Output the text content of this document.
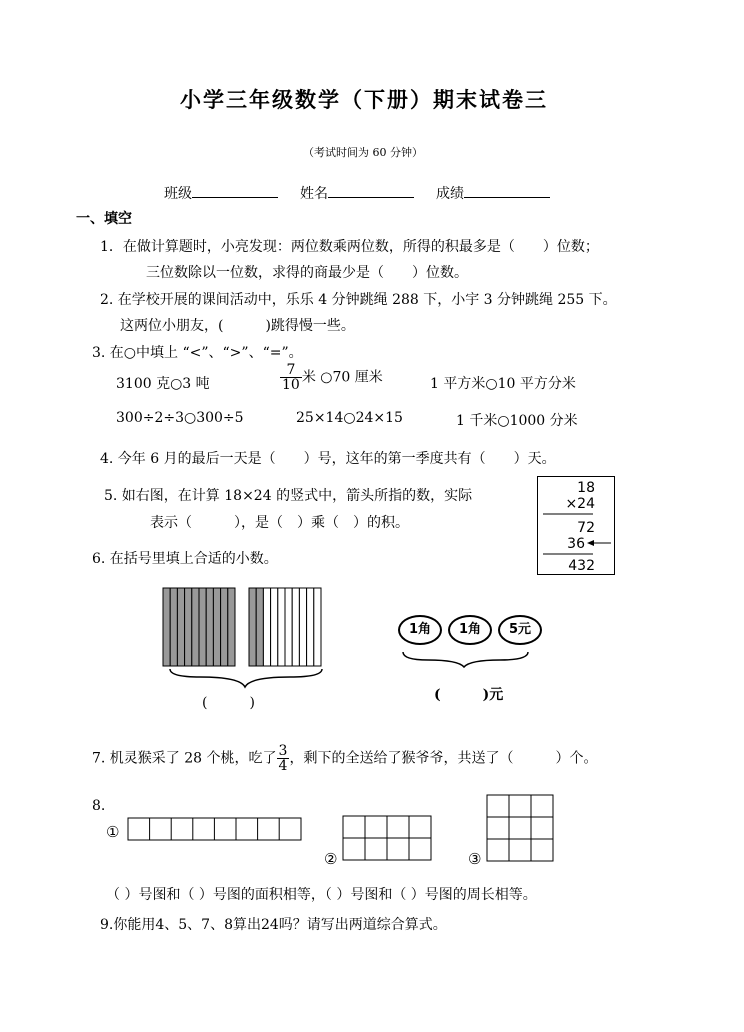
小学三年级数学（下册）期末试卷三
（考试时间为 60 分钟）
班级	姓名	成绩
一、填空
1．在做计算题时，小亮发现：两位数乘两位数，所得的积最多是（　　）位数；
三位数除以一位数，求得的商最少是（　　）位数。
2. 在学校开展的课间活动中，乐乐 4 分钟跳绳 288 下，小宇 3 分钟跳绳 255 下。
这两位小朋友，(　　　)跳得慢一些。
3. 在○中填上 “<”、“>”、“=”。
3100 克○3 吨	$\frac{7}{10}$ 米 ○70 厘米	1 平方米○10 平方分米
300÷2÷3○300÷5	25×14○24×15	1 千米○1000 分米
4. 今年 6 月的最后一天是（　　）号，这年的第一季度共有（　　）天。
5. 如右图，在计算 18×24 的竖式中，箭头所指的数，实际
表示（　　　），是（　）乘（　）的积。
18
×24
72
36
432
6. 在括号里填上合适的小数。
(　　　)
1角	1角	5元
(　　　)元
7. 机灵猴采了 28 个桃，吃了 $\frac{3}{4}$ ，剩下的全送给了猴爷爷，共送了（　　　）个。
8.
①
②	③
（ ）号图和（ ）号图的面积相等，（ ）号图和（ ）号图的周长相等。
9.你能用4、5、7、8算出24吗？请写出两道综合算式。
